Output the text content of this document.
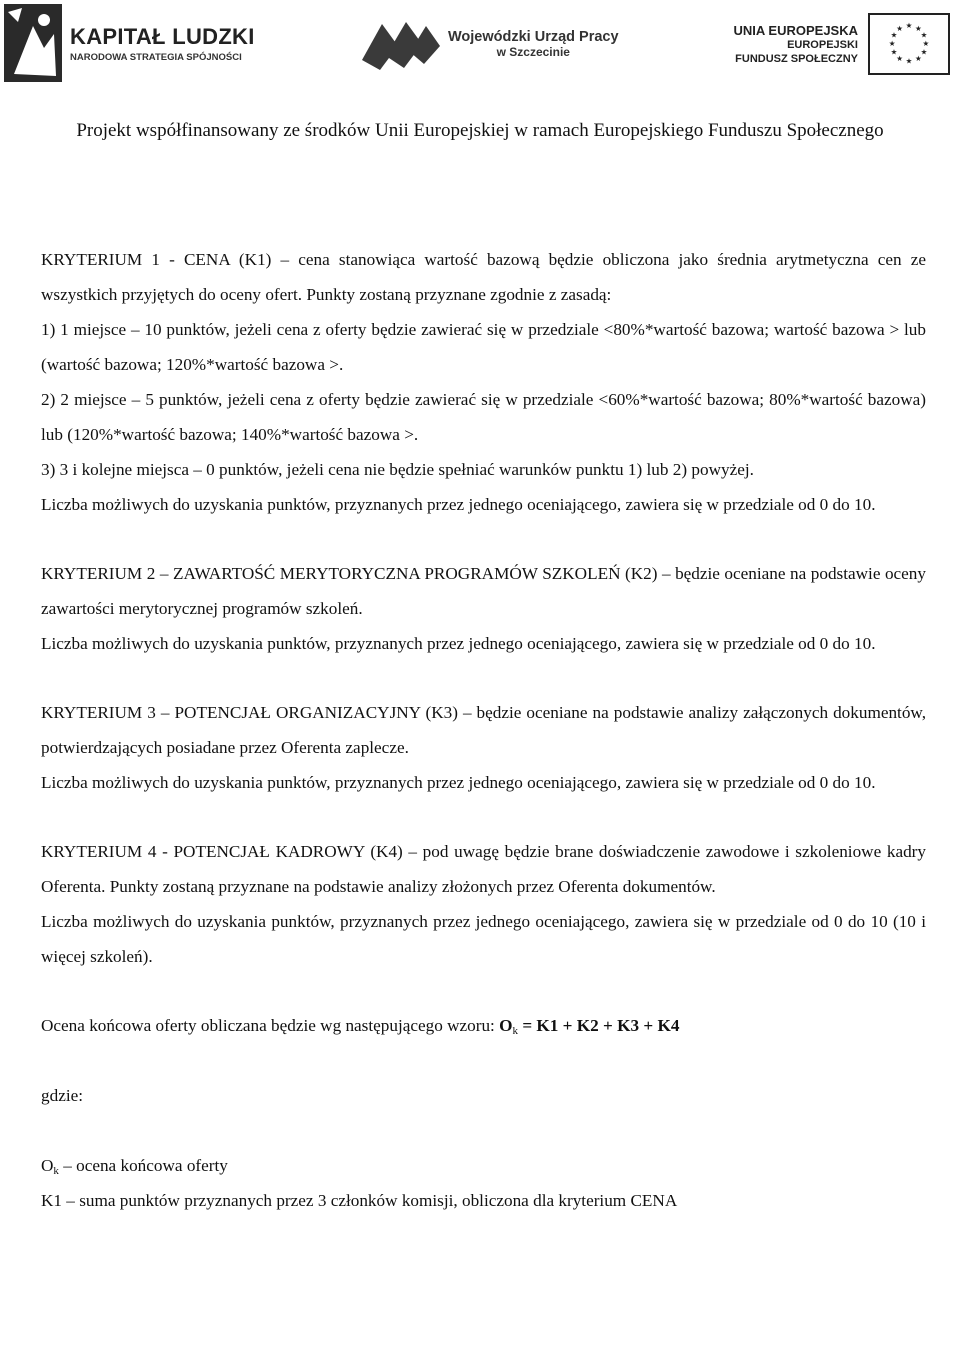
KAPITAŁ LUDZKI
NARODOWA STRATEGIA SPÓJNOŚCI
Wojewódzki Urząd Pracy
w Szczecinie
UNIA EUROPEJSKA
EUROPEJSKI
FUNDUSZ SPOŁECZNY
★ ★
★
★
★
★
★
★
★
★
★
★
Projekt współfinansowany ze środków Unii Europejskiej w ramach Europejskiego Funduszu Społecznego

KRYTERIUM 1 - CENA (K1) – cena stanowiąca wartość bazową będzie obliczona jako średnia arytmetyczna cen ze wszystkich przyjętych do oceny ofert. Punkty zostaną przyznane zgodnie z zasadą:

1) 1 miejsce – 10 punktów, jeżeli cena z oferty będzie zawierać się w przedziale <80%*wartość bazowa; wartość bazowa > lub (wartość bazowa; 120%*wartość bazowa >.

2) 2 miejsce – 5 punktów, jeżeli cena z oferty będzie zawierać się w przedziale <60%*wartość bazowa; 80%*wartość bazowa) lub (120%*wartość bazowa; 140%*wartość bazowa >.

3) 3 i kolejne miejsca – 0 punktów, jeżeli cena nie będzie spełniać warunków punktu 1) lub 2) powyżej.

Liczba możliwych do uzyskania punktów, przyznanych przez jednego oceniającego, zawiera się w przedziale od 0 do 10.

KRYTERIUM 2 – ZAWARTOŚĆ MERYTORYCZNA PROGRAMÓW SZKOLEŃ (K2) – będzie oceniane na podstawie oceny zawartości merytorycznej programów szkoleń.

Liczba możliwych do uzyskania punktów, przyznanych przez jednego oceniającego, zawiera się w przedziale od 0 do 10.

KRYTERIUM 3 – POTENCJAŁ ORGANIZACYJNY (K3) – będzie oceniane na podstawie analizy załączonych dokumentów, potwierdzających posiadane przez Oferenta zaplecze.

Liczba możliwych do uzyskania punktów, przyznanych przez jednego oceniającego, zawiera się w przedziale od 0 do 10.

KRYTERIUM 4 - POTENCJAŁ KADROWY (K4) – pod uwagę będzie brane doświadczenie zawodowe i szkoleniowe kadry Oferenta. Punkty zostaną przyznane na podstawie analizy złożonych przez Oferenta dokumentów.

Liczba możliwych do uzyskania punktów, przyznanych przez jednego oceniającego, zawiera się w przedziale od 0 do 10 (10 i więcej szkoleń).

Ocena końcowa oferty obliczana będzie wg następującego wzoru: $O_k = K1 + K2 + K3 + K4$

gdzie:

$O_k$ – ocena końcowa oferty

K1 – suma punktów przyznanych przez 3 członków komisji, obliczona dla kryterium CENA
